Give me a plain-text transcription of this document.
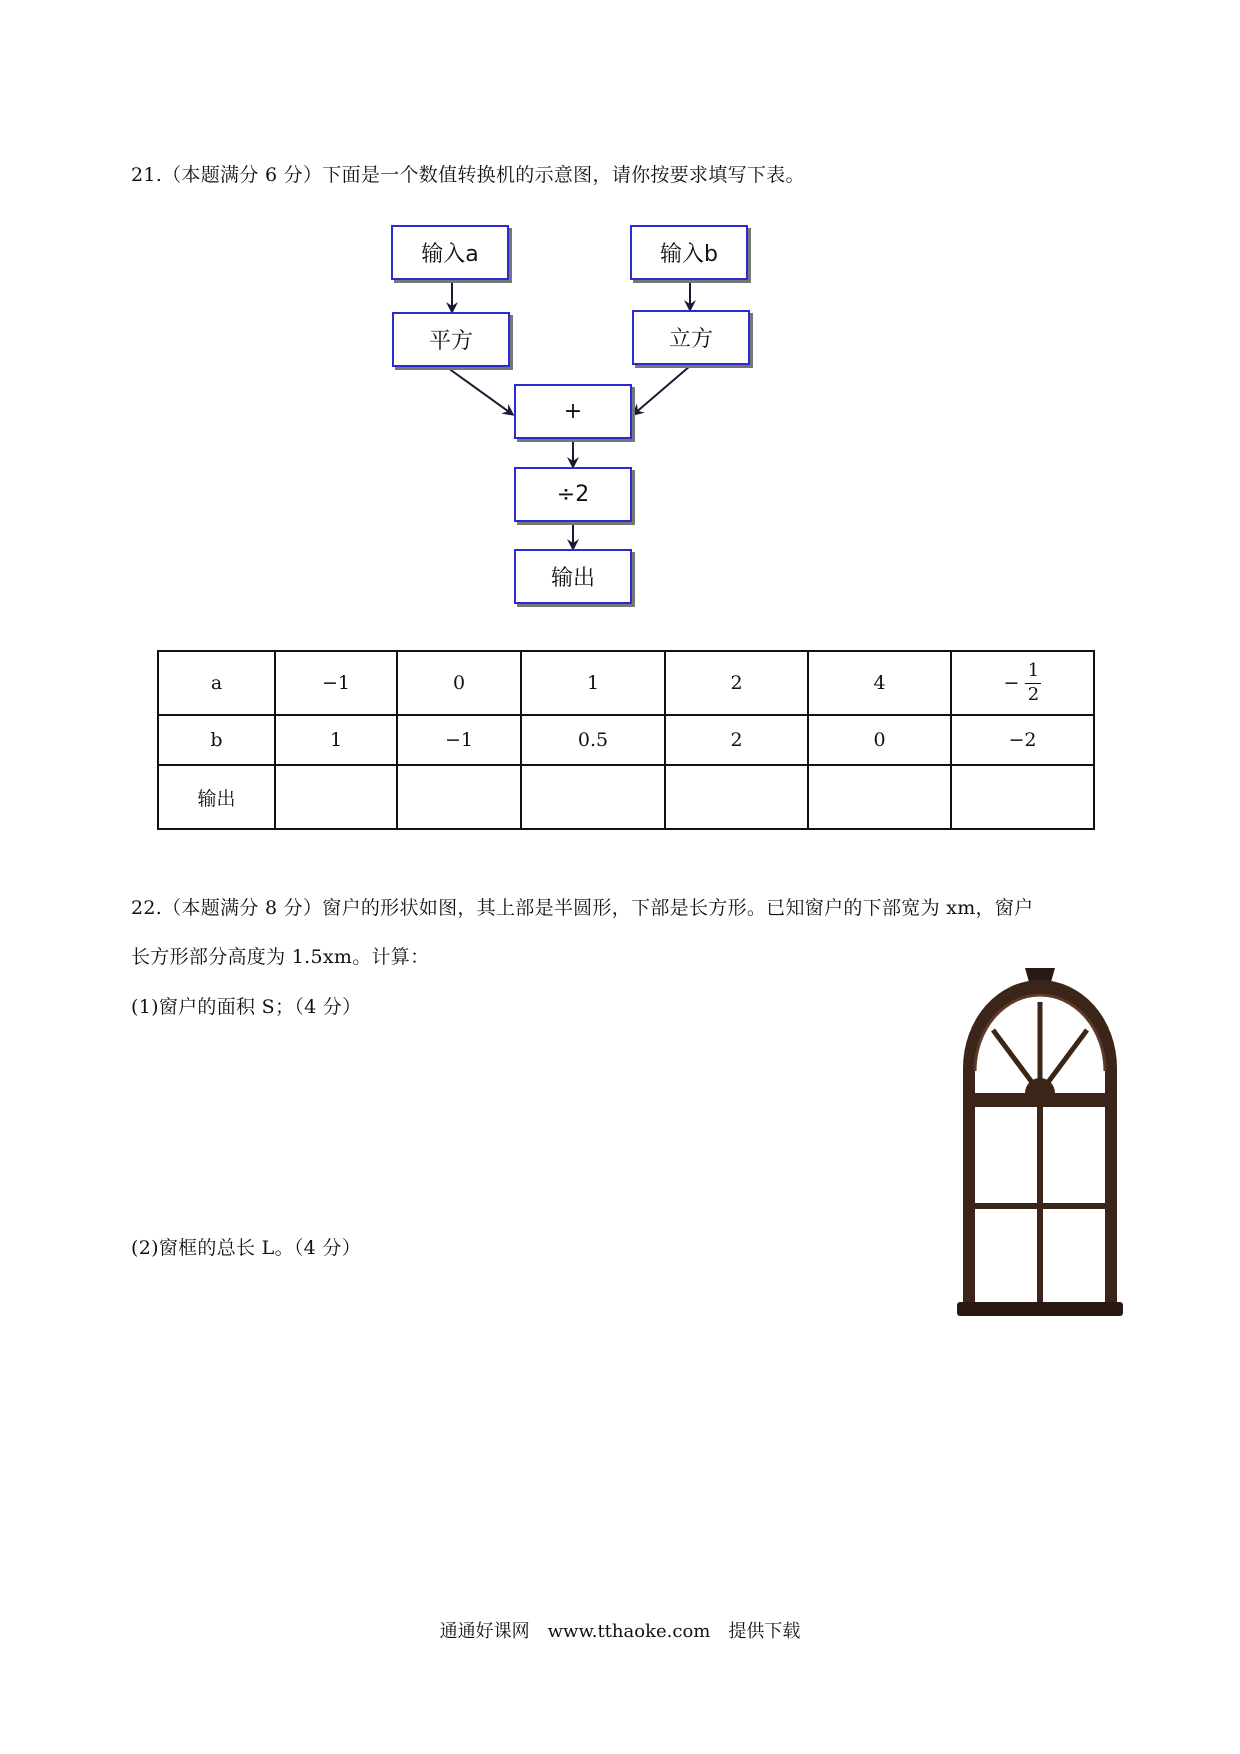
21.（本题满分 6 分）下面是一个数值转换机的示意图，请你按要求填写下表。
输入a	输入b
平方	立方
+
÷2
输出
a	−1	0	1	2	4	− $\frac{1}{2}$

b	1	−1	0.5	2	0	−2
输出						
22.（本题满分 8 分）窗户的形状如图，其上部是半圆形，下部是长方形。已知窗户的下部宽为 xm，窗户
长方形部分高度为 1.5xm。计算：
(1)窗户的面积 S；（4 分）
(2)窗框的总长 L。（4 分）
通通好课网　www.tthaoke.com　提供下载
